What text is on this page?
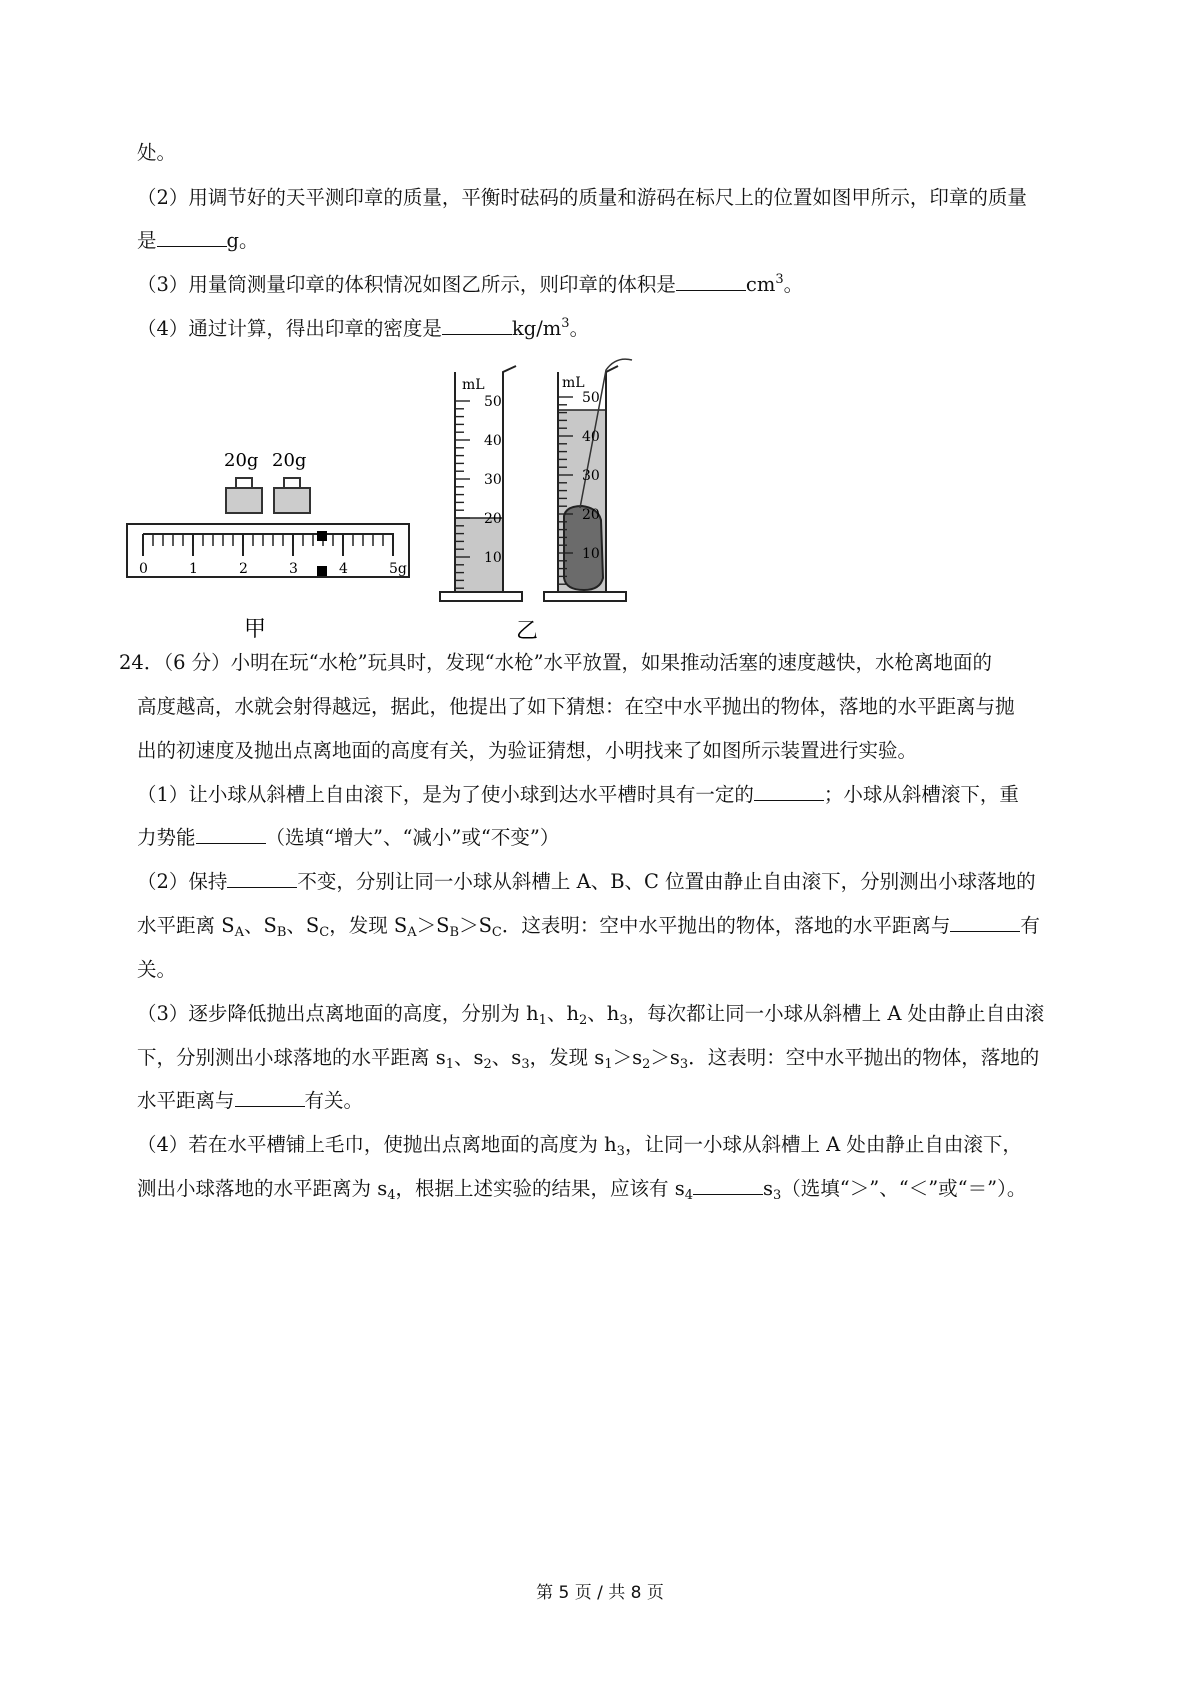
处。
（2）用调节好的天平测印章的质量，平衡时砝码的质量和游码在标尺上的位置如图甲所示，印章的质量
是	g。
（3）用量筒测量印章的体积情况如图乙所示，则印章的体积是	$cm^3$。
（4）通过计算，得出印章的密度是	$kg/m^3$。
20g 20g
0	1	2	3	4	5g
甲
mL
50
40
30
20
10
mL
50
40
30
20
10
乙
24．（6 分）小明在玩“水枪”玩具时，发现“水枪”水平放置，如果推动活塞的速度越快，水枪离地面的
高度越高，水就会射得越远，据此，他提出了如下猜想：在空中水平抛出的物体，落地的水平距离与抛
出的初速度及抛出点离地面的高度有关，为验证猜想，小明找来了如图所示装置进行实验。
（1）让小球从斜槽上自由滚下，是为了使小球到达水平槽时具有一定的	；小球从斜槽滚下，重
力势能	（选填“增大”、“减小”或“不变”）
（2）保持	不变，分别让同一小球从斜槽上 A、B、C 位置由静止自由滚下，分别测出小球落地的
水平距离 $S_A$、$S_B$、$S_C$，发现 $S_A>S_B>S_C$．这表明：空中水平抛出的物体，落地的水平距离与	有
关。
（3）逐步降低抛出点离地面的高度，分别为 $h_1$、$h_2$、$h_3$，每次都让同一小球从斜槽上 A 处由静止自由滚
下，分别测出小球落地的水平距离 $s_1$、$s_2$、$s_3$，发现 $s_1>s_2>s_3$．这表明：空中水平抛出的物体，落地的
水平距离与	有关。
（4）若在水平槽铺上毛巾，使抛出点离地面的高度为 $h_3$，让同一小球从斜槽上 A 处由静止自由滚下，
测出小球落地的水平距离为 $s_4$，根据上述实验的结果，应该有 $s_4$	$s_3$（选填“＞”、“＜”或“＝”）。
第 5 页 / 共 8 页
